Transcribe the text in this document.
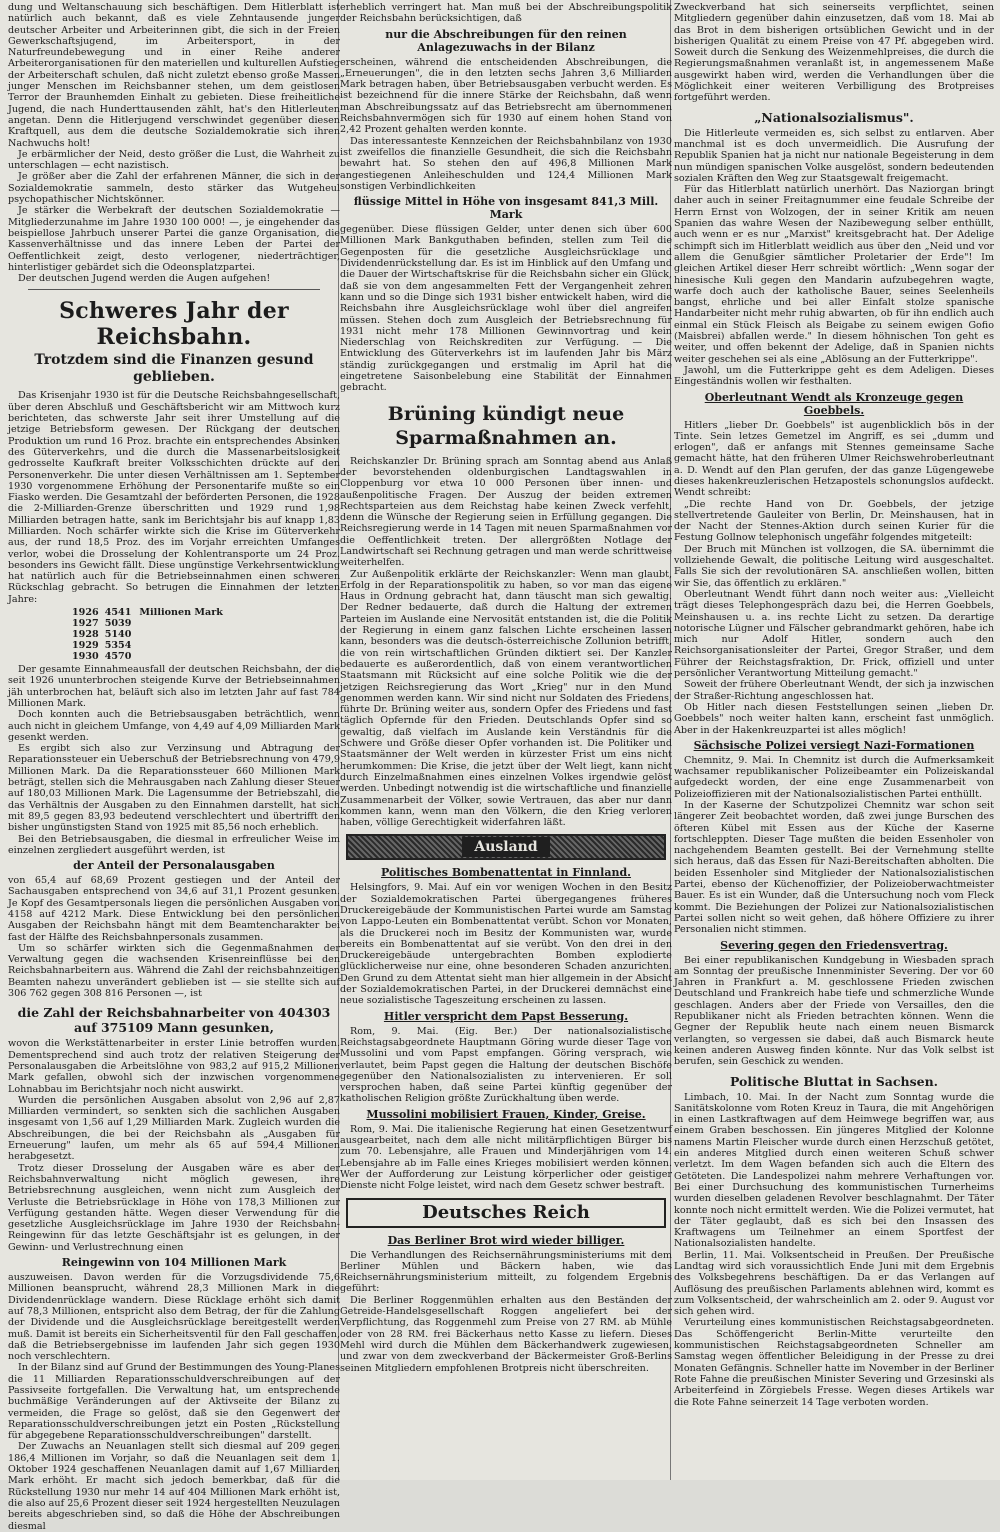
dung und Weltanschauung sich beschäftigen. Dem Hitlerblatt ist natürlich auch bekannt, daß es viele Zehntausende junger deutscher Arbeiter und Arbeiterinnen gibt, die sich in der Freien Gewerkschaftsjugend, im Arbeitersport, in der Naturfreundebewegung und in einer Reihe anderer Arbeiterorganisationen für den materiellen und kulturellen Aufstieg der Arbeiterschaft schulen, daß nicht zuletzt ebenso große Massen junger Menschen im Reichsbanner stehen, um dem geistlosen Terror der Braunhemden Einhalt zu gebieten. Diese freiheitliche Jugend, die nach Hunderttausenden zählt, hat's den Hitlerleuten angetan. Denn die Hitlerjugend verschwindet gegenüber diesen Kraftquell, aus dem die deutsche Sozialdemokratie sich ihren Nachwuchs holt!

Je erbärmlicher der Neid, desto größer die Lust, die Wahrheit zu unterschlagen — echt nazistisch.

Je größer aber die Zahl der erfahrenen Männer, die sich in der Sozialdemokratie sammeln, desto stärker das Wutgeheul psychopathischer Nichtskönner.

Je stärker die Werbekraft der deutschen Sozialdemokratie — Mitgliederzunahme im Jahre 1930 100 000! —, je eingehender das beispiellose Jahrbuch unserer Partei die ganze Organisation, die Kassenverhältnisse und das innere Leben der Partei der Oeffentlichkeit zeigt, desto verlogener, niederträchtiger, hinterlistiger gebärdet sich die Odeonsplatzpartei.

Der deutschen Jugend werden die Augen aufgehen!

Schweres Jahr der Reichsbahn.
Trotzdem sind die Finanzen gesund geblieben.

Das Krisenjahr 1930 ist für die Deutsche Reichsbahngesellschaft, über deren Abschluß und Geschäftsbericht wir am Mittwoch kurz berichteten, das schwerste Jahr seit ihrer Umstellung auf die jetzige Betriebsform gewesen. Der Rückgang der deutschen Produktion um rund 16 Proz. brachte ein entsprechendes Absinken des Güterverkehrs, und die durch die Massenarbeitslosigkeit gedrosselte Kaufkraft breiter Volksschichten drückte auf den Personenverkehr. Die unter diesen Verhältnissen am 1. September 1930 vorgenommene Erhöhung der Personentarife mußte so ein Fiasko werden. Die Gesamtzahl der beförderten Personen, die 1928 die 2-Milliarden-Grenze überschritten und 1929 rund 1,98 Milliarden betragen hatte, sank im Berichtsjahr bis auf knapp 1,83 Milliarden. Noch schärfer wirkte sich die Krise im Güterverkehr aus, der rund 18,5 Proz. des im Vorjahr erreichten Umfanges verlor, wobei die Drosselung der Kohlentransporte um 24 Proz. besonders ins Gewicht fällt. Diese ungünstige Verkehrsentwicklung hat natürlich auch für die Betriebseinnahmen einen schweren Rückschlag gebracht. So betrugen die Einnahmen der letzten Jahre:

1926	4541	Millionen Mark
1927	5039	
1928	5140	
1929	5354	
1930	4570	

Der gesamte Einnahmeausfall der deutschen Reichsbahn, der die seit 1926 ununterbrochen steigende Kurve der Betriebseinnahmen jäh unterbrochen hat, beläuft sich also im letzten Jahr auf fast 784 Millionen Mark.

Doch konnten auch die Betriebsausgaben beträchtlich, wenn auch nicht in gleichem Umfange, von 4,49 auf 4,09 Milliarden Mark gesenkt werden.

Es ergibt sich also zur Verzinsung und Abtragung der Reparationssteuer ein Ueberschuß der Betriebsrechnung von 479,9 Millionen Mark. Da die Reparationssteuer 660 Millionen Mark beträgt, stellen sich die Mehrausgaben nach Zahlung dieser Steuer auf 180,03 Millionen Mark. Die Lagensumme der Betriebszahl, die das Verhältnis der Ausgaben zu den Einnahmen darstellt, hat sich mit 89,5 gegen 83,93 bedeutend verschlechtert und übertrifft den bisher ungünstigsten Stand von 1925 mit 85,56 noch erheblich.

Bei den Betriebsausgaben, die diesmal in erfreulicher Weise im einzelnen zergliedert ausgeführt werden, ist

der Anteil der Personalausgaben

von 65,4 auf 68,69 Prozent gestiegen und der Anteil der Sachausgaben entsprechend von 34,6 auf 31,1 Prozent gesunken. Je Kopf des Gesamtpersonals liegen die persönlichen Ausgaben von 4158 auf 4212 Mark. Diese Entwicklung bei den persönlichen Ausgaben der Reichsbahn hängt mit dem Beamtencharakter bei fast der Hälfte des Reichsbahnpersonals zusammen.

Um so schärfer wirkten sich die Gegenmaßnahmen der Verwaltung gegen die wachsenden Krisenreinflüsse bei den Reichsbahnarbeitern aus. Während die Zahl der reichsbahnzeitigen Beamten nahezu unverändert geblieben ist — sie stellte sich auf 306 762 gegen 308 816 Personen —, ist

die Zahl der Reichsbahnarbeiter von 404303 auf 375109 Mann gesunken,

wovon die Werkstättenarbeiter in erster Linie betroffen wurden. Dementsprechend sind auch trotz der relativen Steigerung der Personalausgaben die Arbeitslöhne von 983,2 auf 915,2 Millionen Mark gefallen, obwohl sich der inzwischen vorgenommene Lohnabbau im Berichtsjahr noch nicht auswirkt.

Wurden die persönlichen Ausgaben absolut von 2,96 auf 2,87 Milliarden vermindert, so senkten sich die sachlichen Ausgaben insgesamt von 1,56 auf 1,29 Milliarden Mark. Zugleich wurden die Abschreibungen, die bei der Reichsbahn als „Ausgaben für Erneuerung" laufen, um mehr als 65 auf 594,4 Millionen herabgesetzt.

Trotz dieser Drosselung der Ausgaben wäre es aber der Reichsbahnverwaltung nicht möglich gewesen, ihre Betriebsrechnung ausgleichen, wenn nicht zum Ausgleich der Verluste die Betriebsrücklage in Höhe von 178,3 Millionen zur Verfügung gestanden hätte. Wegen dieser Verwendung für die gesetzliche Ausgleichsrücklage im Jahre 1930 der Reichsbahn-Reingewinn für das letzte Geschäftsjahr ist es gelungen, in der Gewinn- und Verlustrechnung einen

Reingewinn von 104 Millionen Mark

auszuweisen. Davon werden für die Vorzugsdividende 75,6 Millionen beansprucht, während 28,3 Millionen Mark in die Dividendenrücklage wandern. Diese Rücklage erhöht sich damit auf 78,3 Millionen, entspricht also dem Betrag, der für die Zahlung der Dividende und die Ausgleichsrücklage bereitgestellt werden muß. Damit ist bereits ein Sicherheitsventil für den Fall geschaffen, daß die Betriebsergebnisse im laufenden Jahr sich gegen 1930 noch verschlechtern.

In der Bilanz sind auf Grund der Bestimmungen des Young-Planes die 11 Milliarden Reparationsschuldverschreibungen auf der Passivseite fortgefallen. Die Verwaltung hat, um entsprechende buchmäßige Veränderungen auf der Aktivseite der Bilanz zu vermeiden, die Frage so gelöst, daß sie den Gegenwert der Reparationsschuldverschreibungen jetzt ein Posten „Rückstellung für abgegebene Reparationsschuldverschreibungen" darstellt.

Der Zuwachs an Neuanlagen stellt sich diesmal auf 209 gegen 186,4 Millionen im Vorjahr, so daß die Neuanlagen seit dem 1. Oktober 1924 geschaffenen Neuanlagen damit auf 1,67 Milliarden Mark erhöht. Er macht sich jedoch bemerkbar, daß für die Rückstellung 1930 nur mehr 14 auf 404 Millionen Mark erhöht ist, die also auf 25,6 Prozent dieser seit 1924 hergestellten Neuzulagen bereits abgeschrieben sind, so daß die Höhe der Abschreibungen diesmal

erheblich verringert hat. Man muß bei der Abschreibungspolitik der Reichsbahn berücksichtigen, daß

nur die Abschreibungen für den reinen Anlagezuwachs in der Bilanz

erscheinen, während die entscheidenden Abschreibungen, die „Erneuerungen", die in den letzten sechs Jahren 3,6 Milliarden Mark betragen haben, über Betriebsausgaben verbucht werden. Es ist bezeichnend für die innere Stärke der Reichsbahn, daß wenn man Abschreibungssatz auf das Betriebsrecht am übernommenen Reichsbahnvermögen sich für 1930 auf einem hohen Stand von 2,42 Prozent gehalten werden konnte.

Das interessanteste Kennzeichen der Reichsbahnbilanz von 1930 ist zweifellos die finanzielle Gesundheit, die sich die Reichsbahn bewahrt hat. So stehen den auf 496,8 Millionen Mark angestiegenen Anleiheschulden und 124,4 Millionen Mark sonstigen Verbindlichkeiten

flüssige Mittel in Höhe von insgesamt 841,3 Mill. Mark

gegenüber. Diese flüssigen Gelder, unter denen sich über 600 Millionen Mark Bankguthaben befinden, stellen zum Teil die Gegenposten für die gesetzliche Ausgleichsrücklage und Dividendenrückstellung dar. Es ist im Hinblick auf den Umfang und die Dauer der Wirtschaftskrise für die Reichsbahn sicher ein Glück, daß sie von dem angesammelten Fett der Vergangenheit zehren kann und so die Dinge sich 1931 bisher entwickelt haben, wird die Reichsbahn ihre Ausgleichsrücklage wohl über diel angreifen müssen. Stehen doch zum Ausgleich der Betriebsrechnung für 1931 nicht mehr 178 Millionen Gewinnvortrag und kein Niederschlag von Reichskrediten zur Verfügung. — Die Entwicklung des Güterverkehrs ist im laufenden Jahr bis März ständig zurückgegangen und erstmalig im April hat die eingetretene Saisonbelebung eine Stabilität der Einnahmen gebracht.

Brüning kündigt neue Sparmaßnahmen an.

Reichskanzler Dr. Brüning sprach am Sonntag abend aus Anlaß der bevorstehenden oldenburgischen Landtagswahlen in Cloppenburg vor etwa 10 000 Personen über innen- und außenpolitische Fragen. Der Auszug der beiden extremen Rechtsparteien aus dem Reichstag habe keinen Zweck verfehlt, denn die Wünsche der Regierung seien in Erfüllung gegangen. Die Reichsregierung werde in 14 Tagen mit neuen Sparmaßnahmen vor die Oeffentlichkeit treten. Der allergrößten Notlage der Landwirtschaft sei Rechnung getragen und man werde schrittweise weiterhelfen.

Zur Außenpolitik erklärte der Reichskanzler: Wenn man glaubt, Erfolg in der Reparationspolitik zu haben, so vor man das eigene Haus in Ordnung gebracht hat, dann täuscht man sich gewaltig. Der Redner bedauerte, daß durch die Haltung der extremen Parteien im Auslande eine Nervosität entstanden ist, die die Politik der Regierung in einem ganz falschen Lichte erscheinen lassen kann, besonders was die deutsch-österreichische Zollunion betrifft, die von rein wirtschaftlichen Gründen diktiert sei. Der Kanzler bedauerte es außerordentlich, daß von einem verantwortlichen Staatsmann mit Rücksicht auf eine solche Politik wie die der jetzigen Reichsregierung das Wort „Krieg" nur in den Mund genommen werden kann. Wir sind nicht nur Soldaten des Friedens, führte Dr. Brüning weiter aus, sondern Opfer des Friedens und fast täglich Opfernde für den Frieden. Deutschlands Opfer sind so gewaltig, daß vielfach im Auslande kein Verständnis für die Schwere und Größe dieser Opfer vorhanden ist. Die Politiker und Staatsmänner der Welt werden in kürzester Frist um eins nicht herumkommen: Die Krise, die jetzt über der Welt liegt, kann nicht durch Einzelmaßnahmen eines einzelnen Volkes irgendwie gelöst werden. Unbedingt notwendig ist die wirtschaftliche und finanzielle Zusammenarbeit der Völker, sowie Vertrauen, das aber nur dann kommen kann, wenn man den Völkern, die den Krieg verloren haben, völlige Gerechtigkeit widerfahren läßt.

Ausland
Politisches Bombenattentat in Finnland.

Helsingfors, 9. Mai. Auf ein vor wenigen Wochen in den Besitz der Sozialdemokratischen Partei übergegangenes früheres Druckereigebäude der Kommunistischen Partei wurde am Samstag von Lappo-Leuten ein Bombenattentat verübt. Schon vor Monaten, als die Druckerei noch im Besitz der Kommunisten war, wurde bereits ein Bombenattentat auf sie verübt. Von den drei in den Druckereigebäude untergebrachten Bomben explodierte glücklicherweise nur eine, ohne besonderen Schaden anzurichten. Den Grund zu dem Attentat sieht man hier allgemein in der Absicht der Sozialdemokratischen Partei, in der Druckerei demnächst eine neue sozialistische Tageszeitung erscheinen zu lassen.

Hitler verspricht dem Papst Besserung.

Rom, 9. Mai. (Eig. Ber.) Der nationalsozialistische Reichstagsabgeordnete Hauptmann Göring wurde dieser Tage von Mussolini und vom Papst empfangen. Göring versprach, wie verlautet, beim Papst gegen die Haltung der deutschen Bischöfe gegenüber den Nationalsozialisten zu intervenieren. Er soll versprochen haben, daß seine Partei künftig gegenüber der katholischen Religion größte Zurückhaltung üben werde.

Mussolini mobilisiert Frauen, Kinder, Greise.

Rom, 9. Mai. Die italienische Regierung hat einen Gesetzentwurf ausgearbeitet, nach dem alle nicht militärpflichtigen Bürger bis zum 70. Lebensjahre, alle Frauen und Minderjährigen vom 14. Lebensjahre ab im Falle eines Krieges mobilisiert werden können. Wer der Aufforderung zur Leistung körperlicher oder geistiger Dienste nicht Folge leistet, wird nach dem Gesetz schwer bestraft.

Deutsches Reich
Das Berliner Brot wird wieder billiger.

Die Verhandlungen des Reichsernährungsministeriums mit dem Berliner Mühlen und Bäckern haben, wie das Reichsernährungsministerium mitteilt, zu folgendem Ergebnis geführt:

Die Berliner Roggenmühlen erhalten aus den Beständen der Getreide-Handelsgesellschaft Roggen angeliefert bei der Verpflichtung, das Roggenmehl zum Preise von 27 RM. ab Mühle oder von 28 RM. frei Bäckerhaus netto Kasse zu liefern. Dieses Mehl wird durch die Mühlen dem Bäckerhandwerk zugewiesen, und zwar von dem zweckverband der Bäckermeister Groß-Berlins seinen Mitgliedern empfohlenen Brotpreis nicht überschreiten.

Zweckverband hat sich seinerseits verpflichtet, seinen Mitgliedern gegenüber dahin einzusetzen, daß vom 18. Mai ab das Brot in dem bisherigen ortsüblichen Gewicht und in der bisherigen Qualität zu einem Preise von 47 Pf. abgegeben wird. Soweit durch die Senkung des Weizenmehlpreises, die durch die Regierungsmaßnahmen veranlaßt ist, in angemessenem Maße ausgewirkt haben wird, werden die Verhandlungen über die Möglichkeit einer weiteren Verbilligung des Brotpreises fortgeführt werden.

„Nationalsozialismus".

Die Hitlerleute vermeiden es, sich selbst zu entlarven. Aber manchmal ist es doch unvermeidlich. Die Ausrufung der Republik Spanien hat ja nicht nur nationale Begeisterung in dem nun mündigen spanischen Volke ausgelöst, sondern bedeutenden sozialen Kräften den Weg zur Staatsgewalt freigemacht.

Für das Hitlerblatt natürlich unerhört. Das Naziorgan bringt daher auch in seiner Freitagnummer eine feudale Schreibe der Herrn Ernst von Wolzogen, der in seiner Kritik am neuen Spanien das wahre Wesen der Nazibewegung selber enthüllt, auch wenn er es nur „Marxist" kreitsgebracht hat. Der Adelige schimpft sich im Hitlerblatt weidlich aus über den „Neid und vor allem die Genußgier sämtlicher Proletarier der Erde"! Im gleichen Artikel dieser Herr schreibt wörtlich: „Wenn sogar der hinesische Kuli gegen den Mandarin aufzubegehren wagte, warfe doch auch der katholische Bauer, seines Seelenheils bangst, ehrliche und bei aller Einfalt stolze spanische Handarbeiter nicht mehr ruhig abwarten, ob für ihn endlich auch einmal ein Stück Fleisch als Beigabe zu seinem ewigen Gofio (Maisbrei) abfallen werde." In diesem höhnischen Ton geht es weiter, und offen bekennt der Adelige, daß in Spanien nichts weiter geschehen sei als eine „Ablösung an der Futterkrippe".

Jawohl, um die Futterkrippe geht es dem Adeligen. Dieses Eingeständnis wollen wir festhalten.

Oberleutnant Wendt als Kronzeuge gegen Goebbels.

Hitlers „lieber Dr. Goebbels" ist augenblicklich bös in der Tinte. Sein letzes Gemetzel im Angriff, es sei „dumm und erlogen", daß er anfangs mit Stennes gemeinsame Sache gemacht hätte, hat den früheren Ulmer Reichswehroberleutnant a. D. Wendt auf den Plan gerufen, der das ganze Lügengewebe dieses hakenkreuzlerischen Hetzapostels schonungslos aufdeckt. Wendt schreibt:

„Die rechte Hand von Dr. Goebbels, der jetzige stellvertretende Gauleiter von Berlin, Dr. Meinshausen, hat in der Nacht der Stennes-Aktion durch seinen Kurier für die Festung Gollnow telephonisch ungefähr folgendes mitgeteilt:

Der Bruch mit München ist vollzogen, die SA. übernimmt die vollziehende Gewalt, die politische Leitung wird ausgeschaltet. Falls Sie sich der revolutionären SA. anschließen wollen, bitten wir Sie, das öffentlich zu erklären."

Oberleutnant Wendt führt dann noch weiter aus: „Vielleicht trägt dieses Telephongespräch dazu bei, die Herren Goebbels, Meinshausen u. a. ins rechte Licht zu setzen. Da derartige notorische Lügner und Fälscher gebrandmarkt gehören, habe ich mich nur Adolf Hitler, sondern auch den Reichsorganisationsleiter der Partei, Gregor Straßer, und dem Führer der Reichstagsfraktion, Dr. Frick, offiziell und unter persönlicher Verantwortung Mitteilung gemacht."

Soweit der frühere Oberleutnant Wendt, der sich ja inzwischen der Straßer-Richtung angeschlossen hat.

Ob Hitler nach diesen Feststellungen seinen „lieben Dr. Goebbels" noch weiter halten kann, erscheint fast unmöglich. Aber in der Hakenkreuzpartei ist alles möglich!

Sächsische Polizei versiegt Nazi-Formationen

Chemnitz, 9. Mai. In Chemnitz ist durch die Aufmerksamkeit wachsamer republikanischer Polizeibeamter ein Polizeiskandal aufgedeckt worden, der eine enge Zusammenarbeit von Polizeioffizieren mit der Nationalsozialistischen Partei enthüllt.

In der Kaserne der Schutzpolizei Chemnitz war schon seit längerer Zeit beobachtet worden, daß zwei junge Burschen des öfteren Kübel mit Essen aus der Küche der Kaserne fortschleppten. Dieser Tage mußten die beiden Essenholer von nachgehendem Beamten gestellt. Bei der Vernehmung stellte sich heraus, daß das Essen für Nazi-Bereitschaften abholten. Die beiden Essenholer sind Mitglieder der Nationalsozialistischen Partei, ebenso der Küchenoffizier, der Polizeioberwachtmeister Bauer. Es ist ein Wunder, daß die Untersuchung noch vom Fleck kommt. Die Beziehungen der Polizei zur Nationalsozialistischen Partei sollen nicht so weit gehen, daß höhere Offiziere zu ihrer Personalien nicht stimmen.

Severing gegen den Friedensvertrag.

Bei einer republikanischen Kundgebung in Wiesbaden sprach am Sonntag der preußische Innenminister Severing. Der vor 60 Jahren in Frankfurt a. M. geschlossene Frieden zwischen Deutschland und Frankreich habe tiefe und schmerzliche Wunde geschlagen. Anders aber der Friede von Versailles, den die Republikaner nicht als Frieden betrachten können. Wenn die Gegner der Republik heute nach einem neuen Bismarck verlangten, so vergessen sie dabei, daß auch Bismarck heute keinen anderen Ausweg finden könnte. Nur das Volk selbst ist berufen, sein Geschick zu wenden.

Politische Bluttat in Sachsen.

Limbach, 10. Mai. In der Nacht zum Sonntag wurde die Sanitätskolonne vom Roten Kreuz in Taura, die mit Angehörigen in einen Lastkraftwagen auf dem Heimwege begriffen war, aus einem Graben beschossen. Ein jüngeres Mitglied der Kolonne namens Martin Fleischer wurde durch einen Herzschuß getötet, ein anderes Mitglied durch einen weiteren Schuß schwer verletzt. Im dem Wagen befanden sich auch die Eltern des Getöteten. Die Landespolizei nahm mehrere Verhaftungen vor. Bei einer Durchsuchung des kommunistischen Turnerheims wurden dieselben geladenen Revolver beschlagnahmt. Der Täter konnte noch nicht ermittelt werden. Wie die Polizei vermutet, hat der Täter geglaubt, daß es sich bei den Insassen des Kraftwagens um Teilnehmer an einem Sportfest der Nationalsozialisten handelte.

Berlin, 11. Mai. Volksentscheid in Preußen. Der Preußische Landtag wird sich voraussichtlich Ende Juni mit dem Ergebnis des Volksbegehrens beschäftigen. Da er das Verlangen auf Auflösung des preußischen Parlaments ablehnen wird, kommt es zum Volksentscheid, der wahrscheinlich am 2. oder 9. August vor sich gehen wird.

Verurteilung eines kommunistischen Reichstagsabgeordneten. Das Schöffengericht Berlin-Mitte verurteilte den kommunistischen Reichstagsabgeordneten Schneller am Samstag wegen öffentlicher Beleidigung in der Presse zu drei Monaten Gefängnis. Schneller hatte im November in der Berliner Rote Fahne die preußischen Minister Severing und Grzesinski als Arbeiterfeind in Zörgiebels Fresse. Wegen dieses Artikels war die Rote Fahne seinerzeit 14 Tage verboten worden.
